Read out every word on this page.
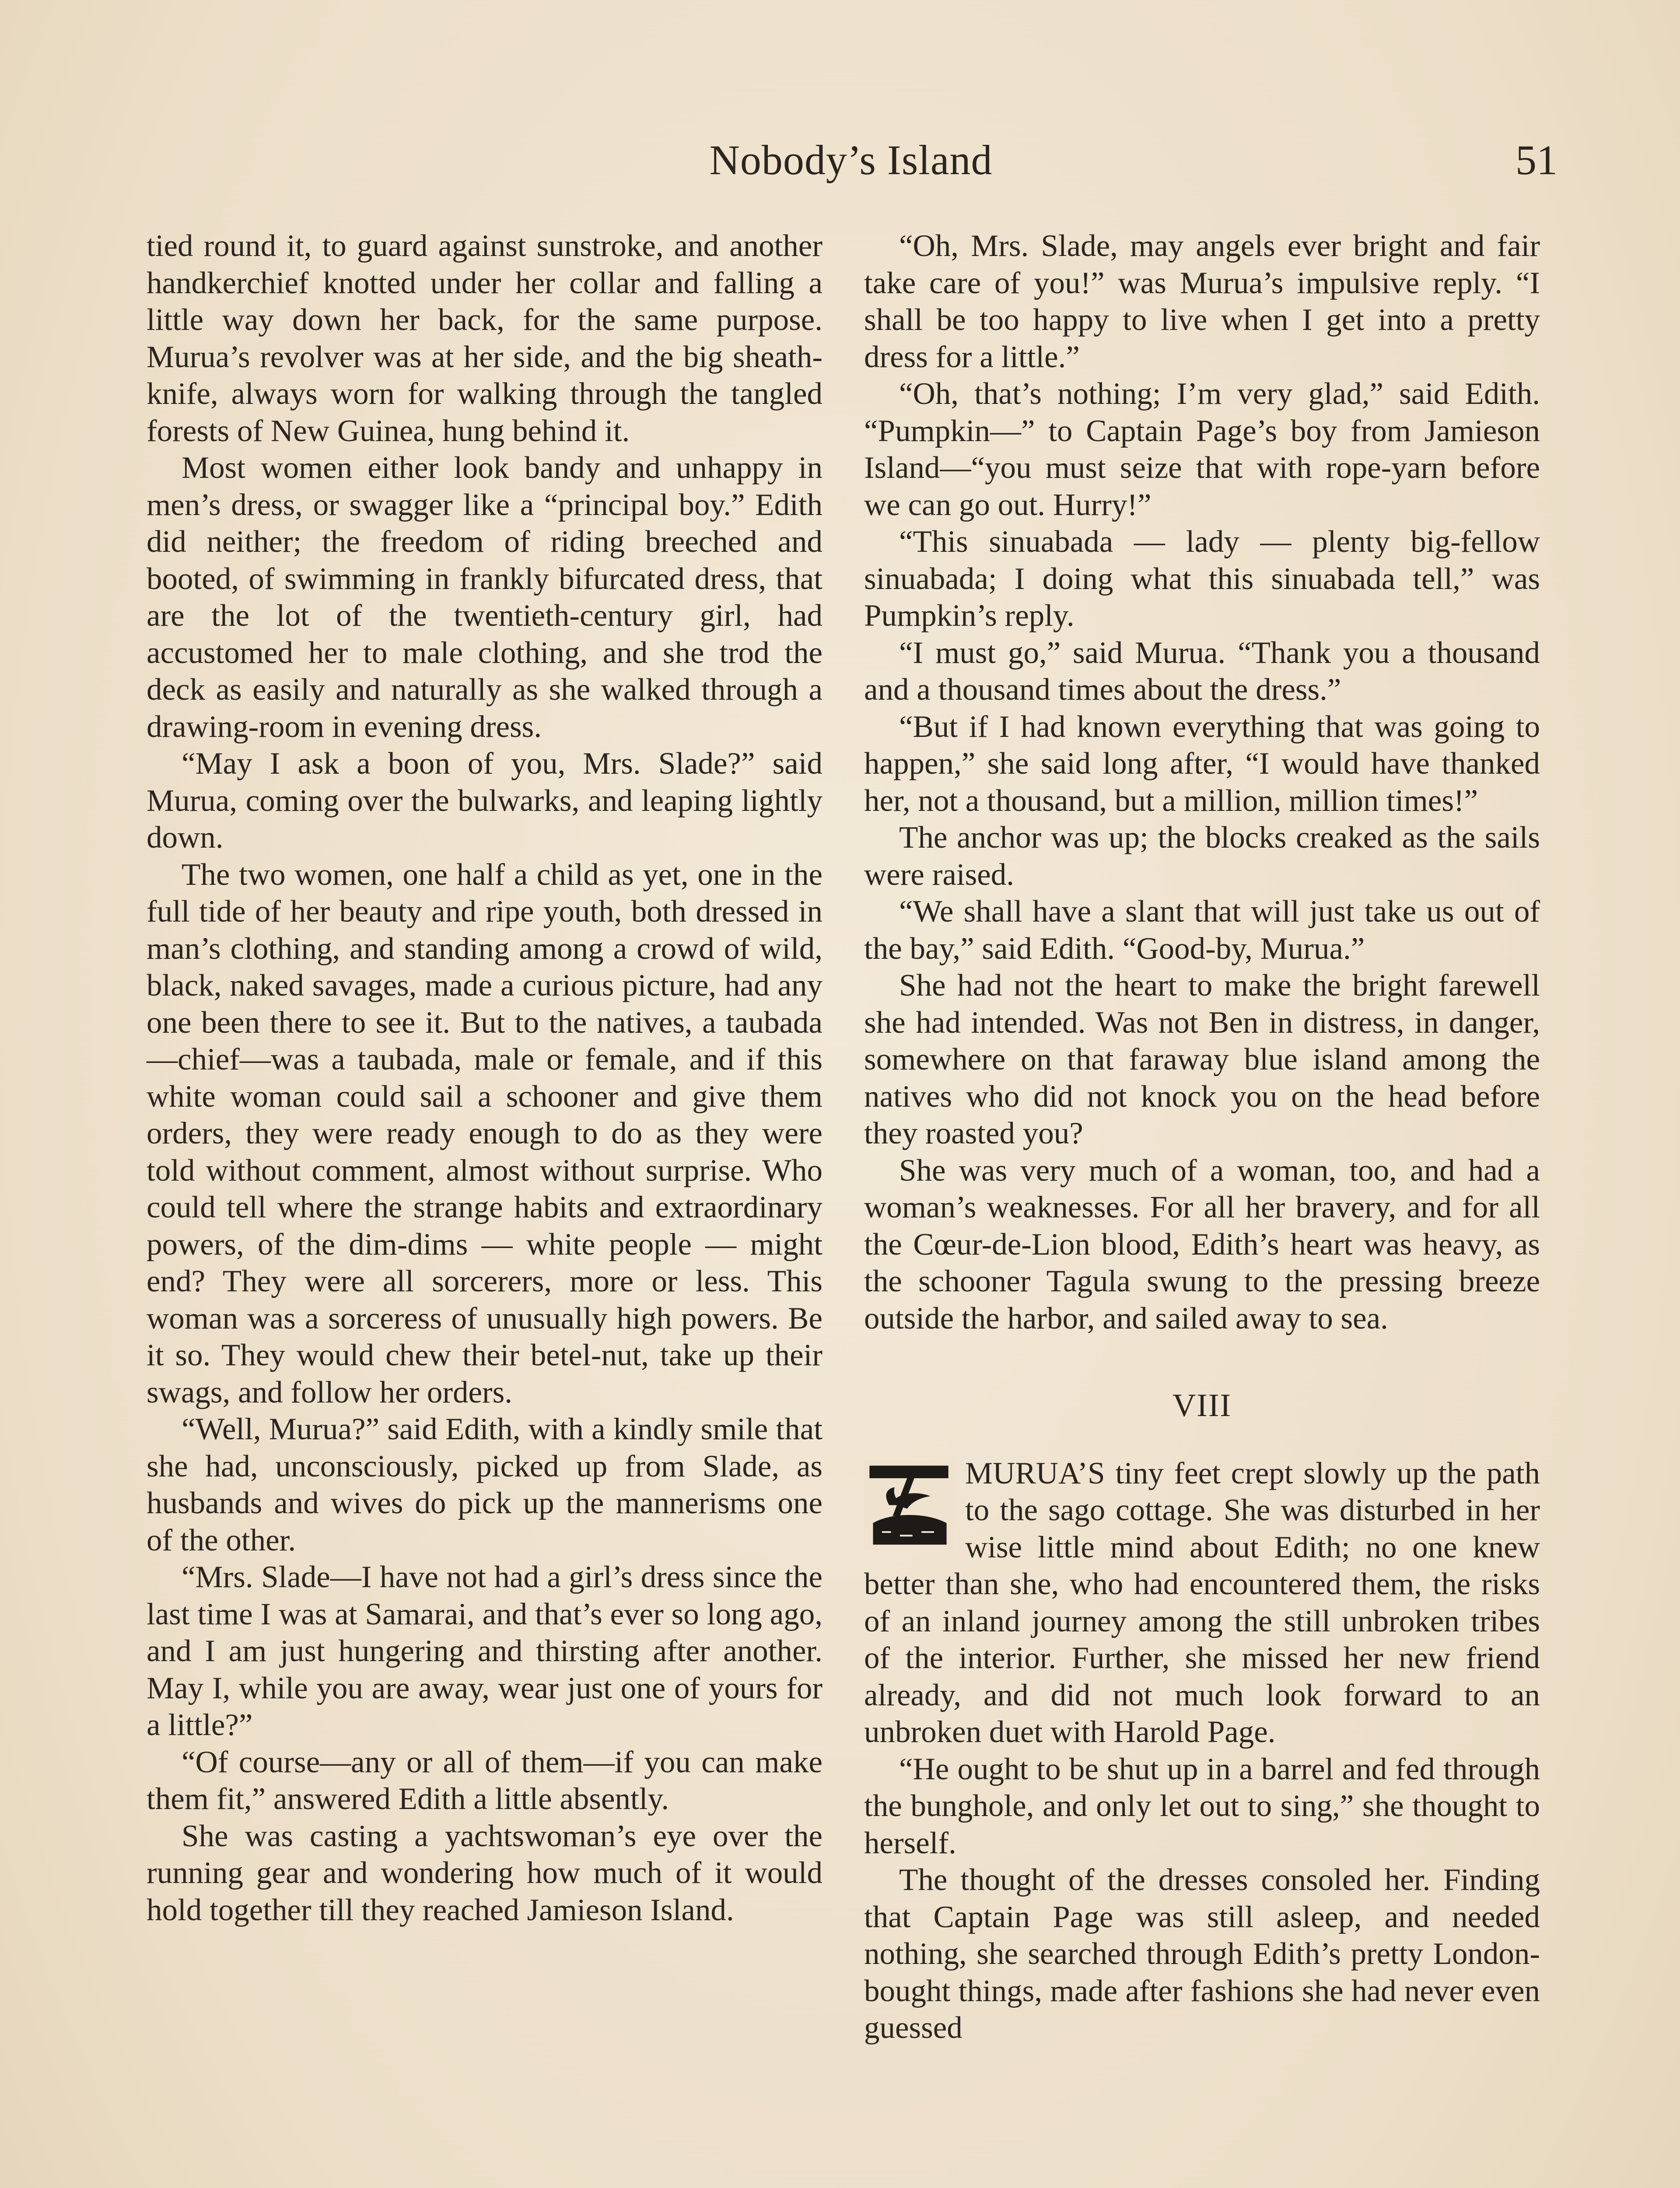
Nobody’s Island	51

tied round it, to guard against sunstroke, and another handkerchief knotted under her collar and falling a little way down her back, for the same purpose. Murua’s revolver was at her side, and the big sheath-knife, always worn for walking through the tangled forests of New Guinea, hung behind it.

Most women either look bandy and unhappy in men’s dress, or swagger like a “principal boy.” Edith did neither; the freedom of riding breeched and booted, of swimming in frankly bifurcated dress, that are the lot of the twentieth-century girl, had accustomed her to male clothing, and she trod the deck as easily and naturally as she walked through a drawing-room in evening dress.

“May I ask a boon of you, Mrs. Slade?” said Murua, coming over the bulwarks, and leaping lightly down.

The two women, one half a child as yet, one in the full tide of her beauty and ripe youth, both dressed in man’s clothing, and standing among a crowd of wild, black, naked savages, made a curious picture, had any one been there to see it. But to the natives, a taubada—chief—was a taubada, male or female, and if this white woman could sail a schooner and give them orders, they were ready enough to do as they were told without comment, almost without surprise. Who could tell where the strange habits and extraordinary powers, of the dim-dims — white people — might end? They were all sorcerers, more or less. This woman was a sorceress of unusually high powers. Be it so. They would chew their betel-nut, take up their swags, and follow her orders.

“Well, Murua?” said Edith, with a kindly smile that she had, unconsciously, picked up from Slade, as husbands and wives do pick up the mannerisms one of the other.

“Mrs. Slade—I have not had a girl’s dress since the last time I was at Samarai, and that’s ever so long ago, and I am just hungering and thirsting after another. May I, while you are away, wear just one of yours for a little?”

“Of course—any or all of them—if you can make them fit,” answered Edith a little absently.

She was casting a yachtswoman’s eye over the running gear and wondering how much of it would hold together till they reached Jamieson Island.

“Oh, Mrs. Slade, may angels ever bright and fair take care of you!” was Murua’s impulsive reply. “I shall be too happy to live when I get into a pretty dress for a little.”

“Oh, that’s nothing; I’m very glad,” said Edith. “Pumpkin—” to Captain Page’s boy from Jamieson Island—“you must seize that with rope-yarn before we can go out. Hurry!”

“This sinuabada — lady — plenty big-fellow sinuabada; I doing what this sinuabada tell,” was Pumpkin’s reply.

“I must go,” said Murua. “Thank you a thousand and a thousand times about the dress.”

“But if I had known everything that was going to happen,” she said long after, “I would have thanked her, not a thousand, but a million, million times!”

The anchor was up; the blocks creaked as the sails were raised.

“We shall have a slant that will just take us out of the bay,” said Edith. “Good-by, Murua.”

She had not the heart to make the bright farewell she had intended. Was not Ben in distress, in danger, somewhere on that faraway blue island among the natives who did not knock you on the head before they roasted you?

She was very much of a woman, too, and had a woman’s weaknesses. For all her bravery, and for all the Cœur-de-Lion blood, Edith’s heart was heavy, as the schooner Tagula swung to the pressing breeze outside the harbor, and sailed away to sea.

VIII

MURUA’S tiny feet crept slowly up the path to the sago cottage. She was disturbed in her wise little mind about Edith; no one knew better than she, who had encountered them, the risks of an inland journey among the still unbroken tribes of the interior. Further, she missed her new friend already, and did not much look forward to an unbroken duet with Harold Page.

“He ought to be shut up in a barrel and fed through the bunghole, and only let out to sing,” she thought to herself.

The thought of the dresses consoled her. Finding that Captain Page was still asleep, and needed nothing, she searched through Edith’s pretty London-bought things, made after fashions she had never even guessed
